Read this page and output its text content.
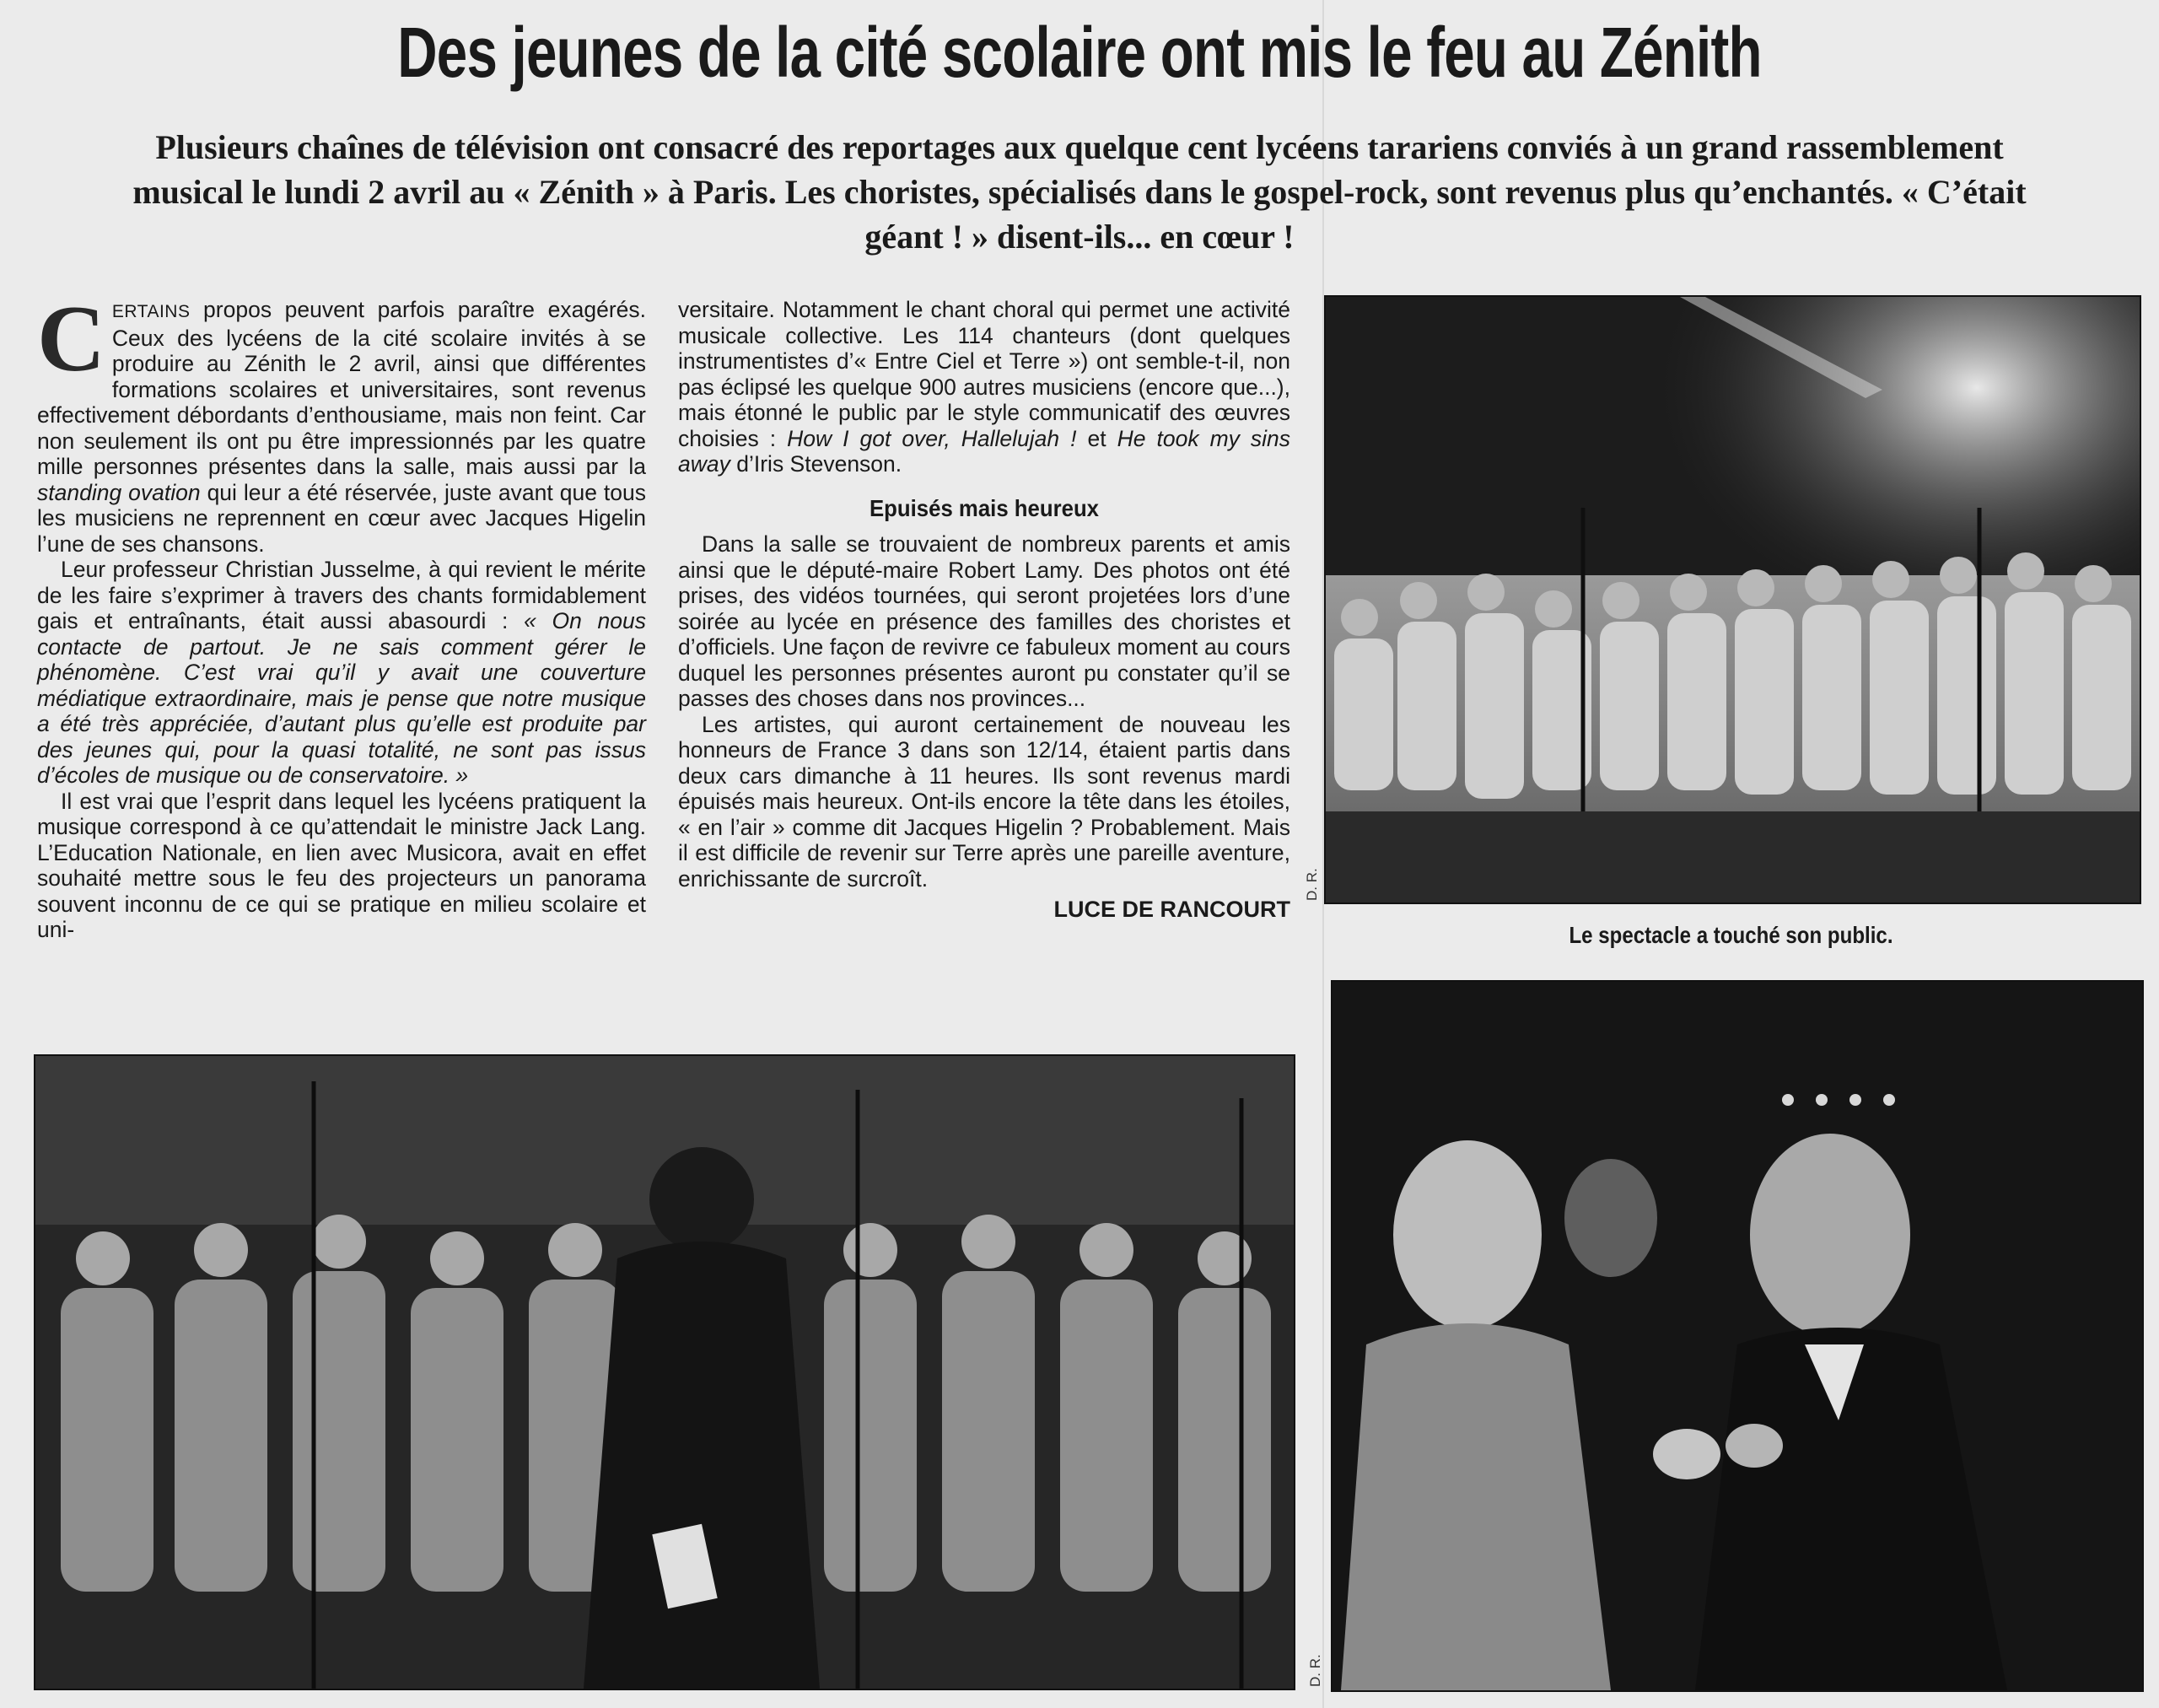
Des jeunes de la cité scolaire ont mis le feu au Zénith
Plusieurs chaînes de télévision ont consacré des reportages aux quelque cent lycéens tarariens conviés à un grand rassemblement musical le lundi 2 avril au « Zénith » à Paris. Les choristes, spécialisés dans le gospel-rock, sont revenus plus qu’enchantés. « C’était géant ! » disent-ils... en cœur !

CERTAINS propos peuvent parfois paraître exagérés. Ceux des lycéens de la cité scolaire invités à se produire au Zénith le 2 avril, ainsi que différentes formations scolaires et universitaires, sont revenus effectivement débordants d’enthousiame, mais non feint. Car non seulement ils ont pu être impressionnés par les quatre mille personnes présentes dans la salle, mais aussi par la standing ovation qui leur a été réservée, juste avant que tous les musiciens ne reprennent en cœur avec Jacques Higelin l’une de ses chansons.

Leur professeur Christian Jusselme, à qui revient le mérite de les faire s’exprimer à travers des chants formidablement gais et entraînants, était aussi abasourdi : « On nous contacte de partout. Je ne sais comment gérer le phénomène. C’est vrai qu’il y avait une couverture médiatique extraordinaire, mais je pense que notre musique a été très appréciée, d’autant plus qu’elle est produite par des jeunes qui, pour la quasi totalité, ne sont pas issus d’écoles de musique ou de conservatoire. »

Il est vrai que l’esprit dans lequel les lycéens pratiquent la musique correspond à ce qu’attendait le ministre Jack Lang. L’Education Nationale, en lien avec Musicora, avait en effet souhaité mettre sous le feu des projecteurs un panorama souvent inconnu de ce qui se pratique en milieu scolaire et uni-

versitaire. Notamment le chant choral qui permet une activité musicale collective. Les 114 chanteurs (dont quelques instrumentistes d’« Entre Ciel et Terre ») ont semble-t-il, non pas éclipsé les quelque 900 autres musiciens (encore que...), mais étonné le public par le style communicatif des œuvres choisies : How I got over, Hallelujah ! et He took my sins away d’Iris Stevenson.

Epuisés mais heureux

Dans la salle se trouvaient de nombreux parents et amis ainsi que le député-maire Robert Lamy. Des photos ont été prises, des vidéos tournées, qui seront projetées lors d’une soirée au lycée en présence des familles des choristes et d’officiels. Une façon de revivre ce fabuleux moment au cours duquel les personnes présentes auront pu constater qu’il se passes des choses dans nos provinces...

Les artistes, qui auront certainement de nouveau les honneurs de France 3 dans son 12/14, étaient partis dans deux cars dimanche à 11 heures. Ils sont revenus mardi épuisés mais heureux. Ont-ils encore la tête dans les étoiles, « en l’air » comme dit Jacques Higelin ? Probablement. Mais il est difficile de revenir sur Terre après une pareille aventure, enrichissante de surcroît.

LUCE DE RANCOURT
D. R.
Le spectacle a touché son public.
D. R.
